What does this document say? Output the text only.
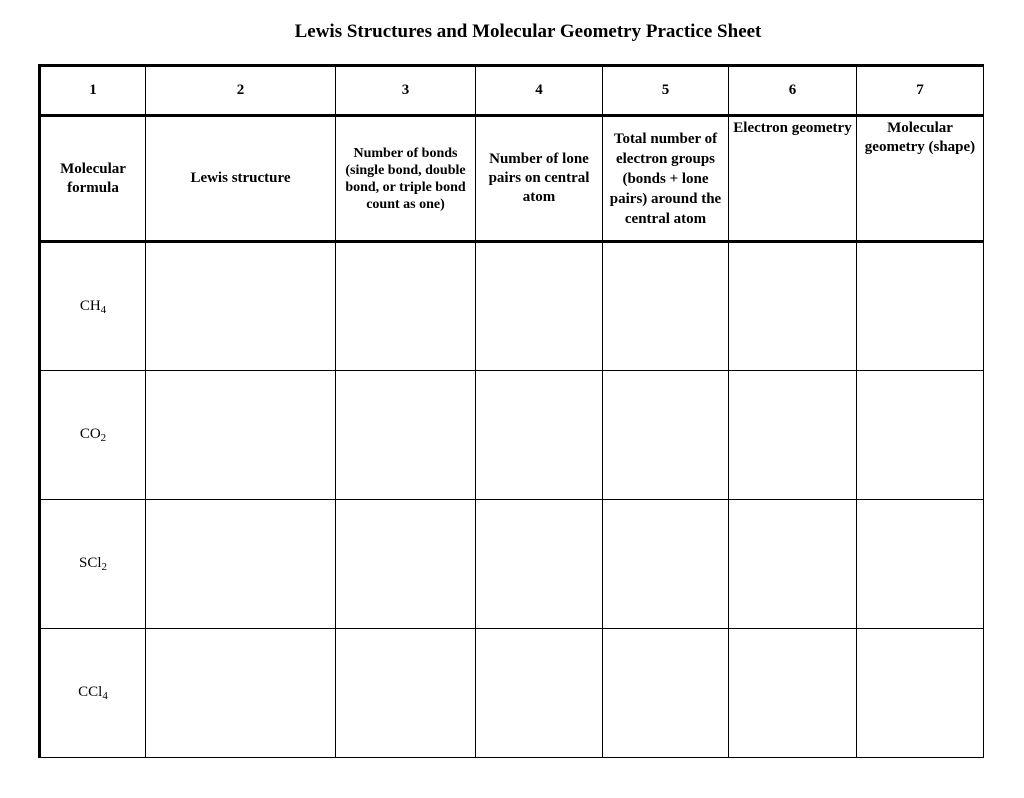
Lewis Structures and Molecular Geometry Practice Sheet
1	2	3	4	5	6	7
Molecular formula	Lewis structure	Number of bonds (single bond, double bond, or triple bond count as one)	Number of lone pairs on central atom	Total number of electron groups (bonds + lone pairs) around the central atom	Electron geometry	Molecular geometry (shape)
$CH_4$						
$CO_2$						
SCl$_2$						
CCl$_4$						
